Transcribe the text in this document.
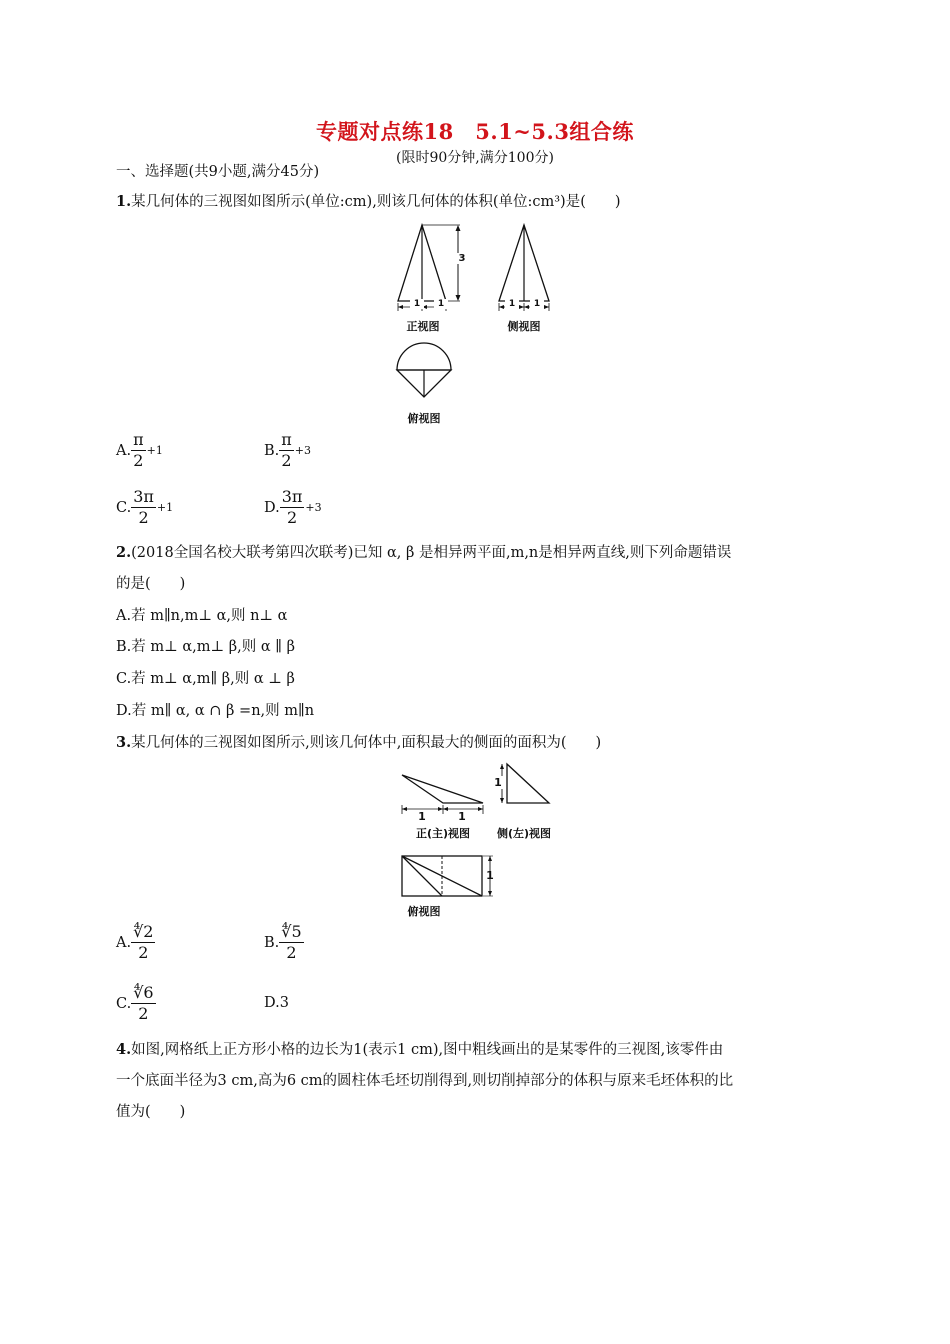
专题对点练18　5.1~5.3组合练
(限时90分钟,满分100分)
一、选择题(共9小题,满分45分)
1.某几何体的三视图如图所示(单位:cm),则该几何体的体积(单位:cm³)是(　　)
3
1	1
正视图
1	1
侧视图
俯视图
A. $\frac{\pi}{2} +1$	B. $\frac{\pi}{2} +3$
C. $\frac{3\pi}{2} +1$	D. $\frac{3\pi}{2} +3$
2.(2018全国名校大联考第四次联考)已知 α, β 是相异两平面,m,n是相异两直线,则下列命题错误
的是(　　)
A.若 m∥n,m⊥ α,则 n⊥ α
B.若 m⊥ α,m⊥ β,则 α ∥ β
C.若 m⊥ α,m∥ β,则 α ⊥ β
D.若 m∥ α, α ∩ β =n,则 m∥n
3.某几何体的三视图如图所示,则该几何体中,面积最大的侧面的面积为(　　)
1	1
正(主)视图
1
侧(左)视图
1
俯视图
A. $\frac{∜2}{2}$	B. $\frac{∜5}{2}$
C. $\frac{∜6}{2}$	D.3
4.如图,网格纸上正方形小格的边长为1(表示1 cm),图中粗线画出的是某零件的三视图,该零件由
一个底面半径为3 cm,高为6 cm的圆柱体毛坯切削得到,则切削掉部分的体积与原来毛坯体积的比
值为(　　)
